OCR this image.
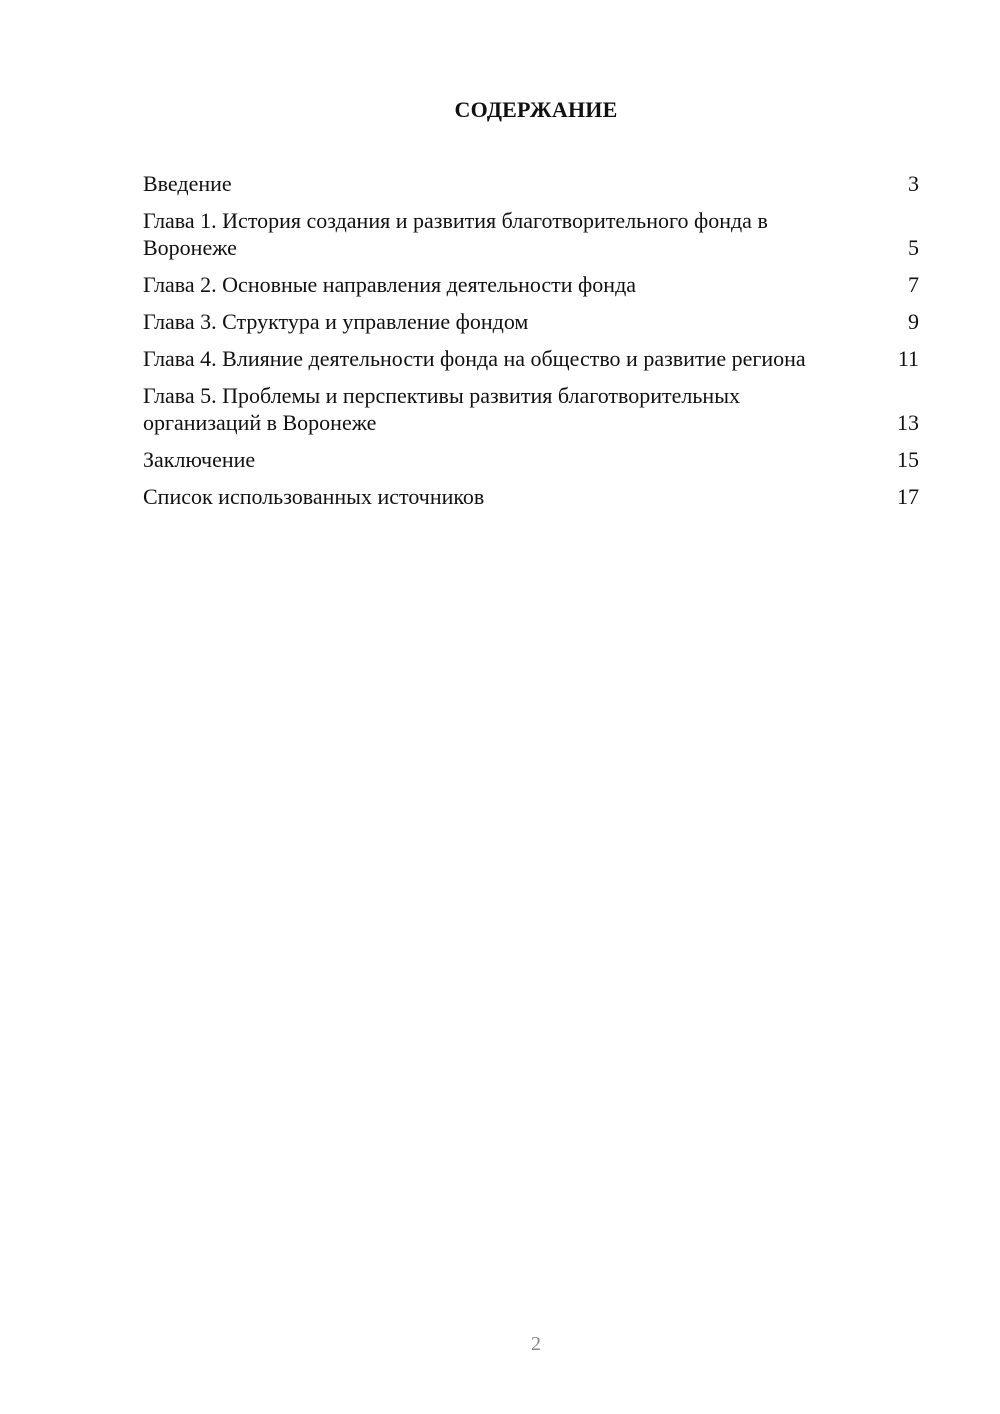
СОДЕРЖАНИЕ
Введение	3
Глава 1. История создания и развития благотворительного фонда в Воронеже	5
Глава 2. Основные направления деятельности фонда	7
Глава 3. Структура и управление фондом	9
Глава 4. Влияние деятельности фонда на общество и развитие региона	11
Глава 5. Проблемы и перспективы развития благотворительных организаций в Воронеже	13
Заключение	15
Список использованных источников	17
2
